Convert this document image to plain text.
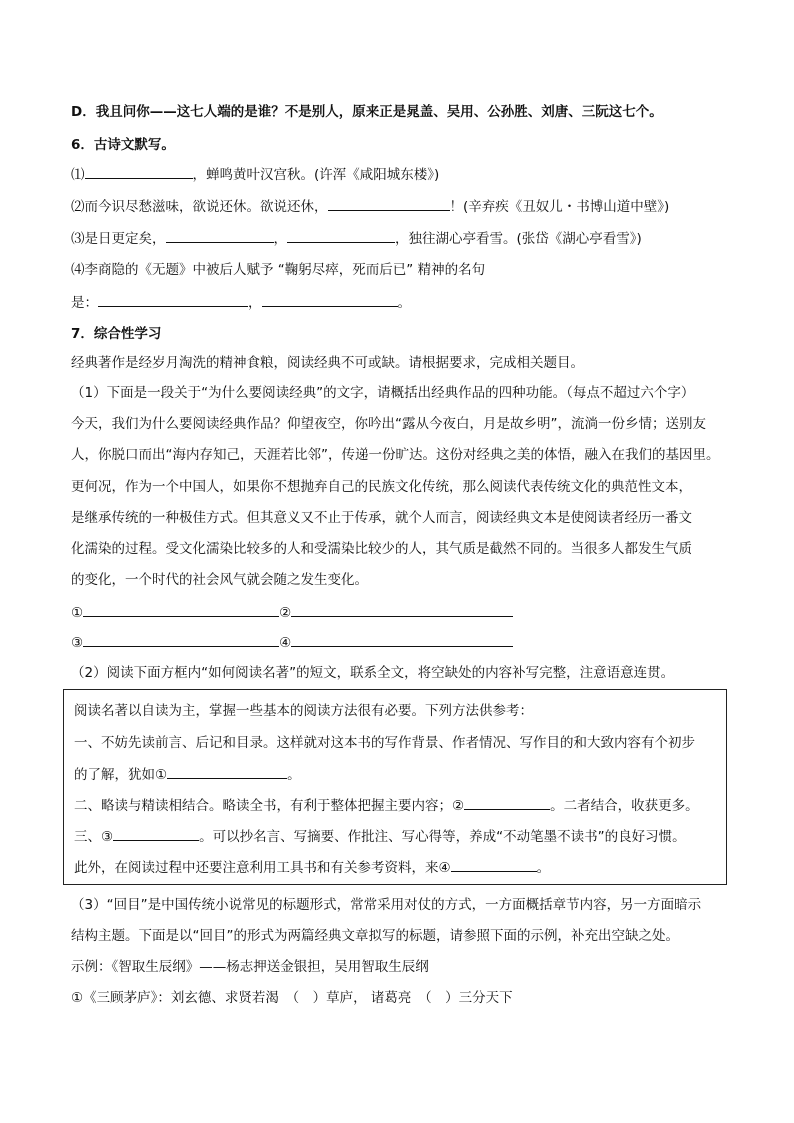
D．我且问你——这七人端的是谁？不是别人，原来正是晁盖、吴用、公孙胜、刘唐、三阮这七个。
6．古诗文默写。
⑴	，蝉鸣黄叶汉宫秋。(许浑《咸阳城东楼》)
⑵而今识尽愁滋味，欲说还休。欲说还休，	！(辛弃疾《丑奴儿・书博山道中壁》)
⑶是日更定矣，	，	，独往湖心亭看雪。(张岱《湖心亭看雪》)
⑷李商隐的《无题》中被后人赋予 “鞠躬尽瘁，死而后已” 精神的名句
是：	，	。
7．综合性学习
经典著作是经岁月淘洗的精神食粮，阅读经典不可或缺。请根据要求，完成相关题目。
（1）下面是一段关于“为什么要阅读经典”的文字，请概括出经典作品的四种功能。（每点不超过六个字）
今天，我们为什么要阅读经典作品？仰望夜空，你吟出“露从今夜白，月是故乡明”，流淌一份乡情；送别友
人，你脱口而出“海内存知己，天涯若比邻”，传递一份旷达。这份对经典之美的体悟，融入在我们的基因里。
更何况，作为一个中国人，如果你不想抛弃自己的民族文化传统，那么阅读代表传统文化的典范性文本，
是继承传统的一种极佳方式。但其意义又不止于传承，就个人而言，阅读经典文本是使阅读者经历一番文
化濡染的过程。受文化濡染比较多的人和受濡染比较少的人，其气质是截然不同的。当很多人都发生气质
的变化，一个时代的社会风气就会随之发生变化。
①	②
③	④
（2）阅读下面方框内“如何阅读名著”的短文，联系全文，将空缺处的内容补写完整，注意语意连贯。
阅读名著以自读为主，掌握一些基本的阅读方法很有必要。下列方法供参考：
一、不妨先读前言、后记和目录。这样就对这本书的写作背景、作者情况、写作目的和大致内容有个初步
的了解，犹如①	。
二、略读与精读相结合。略读全书，有利于整体把握主要内容；②	。二者结合，收获更多。
三、③	。可以抄名言、写摘要、作批注、写心得等，养成“不动笔墨不读书”的良好习惯。
此外，在阅读过程中还要注意利用工具书和有关参考资料，来④	。
（3）“回目”是中国传统小说常见的标题形式，常常采用对仗的方式，一方面概括章节内容，另一方面暗示
结构主题。下面是以“回目”的形式为两篇经典文章拟写的标题，请参照下面的示例，补充出空缺之处。
示例：《智取生辰纲》——杨志押送金银担，吴用智取生辰纲
①《三顾茅庐》：刘玄德、求贤若渴　（　）草庐， 诸葛亮　（　）三分天下
